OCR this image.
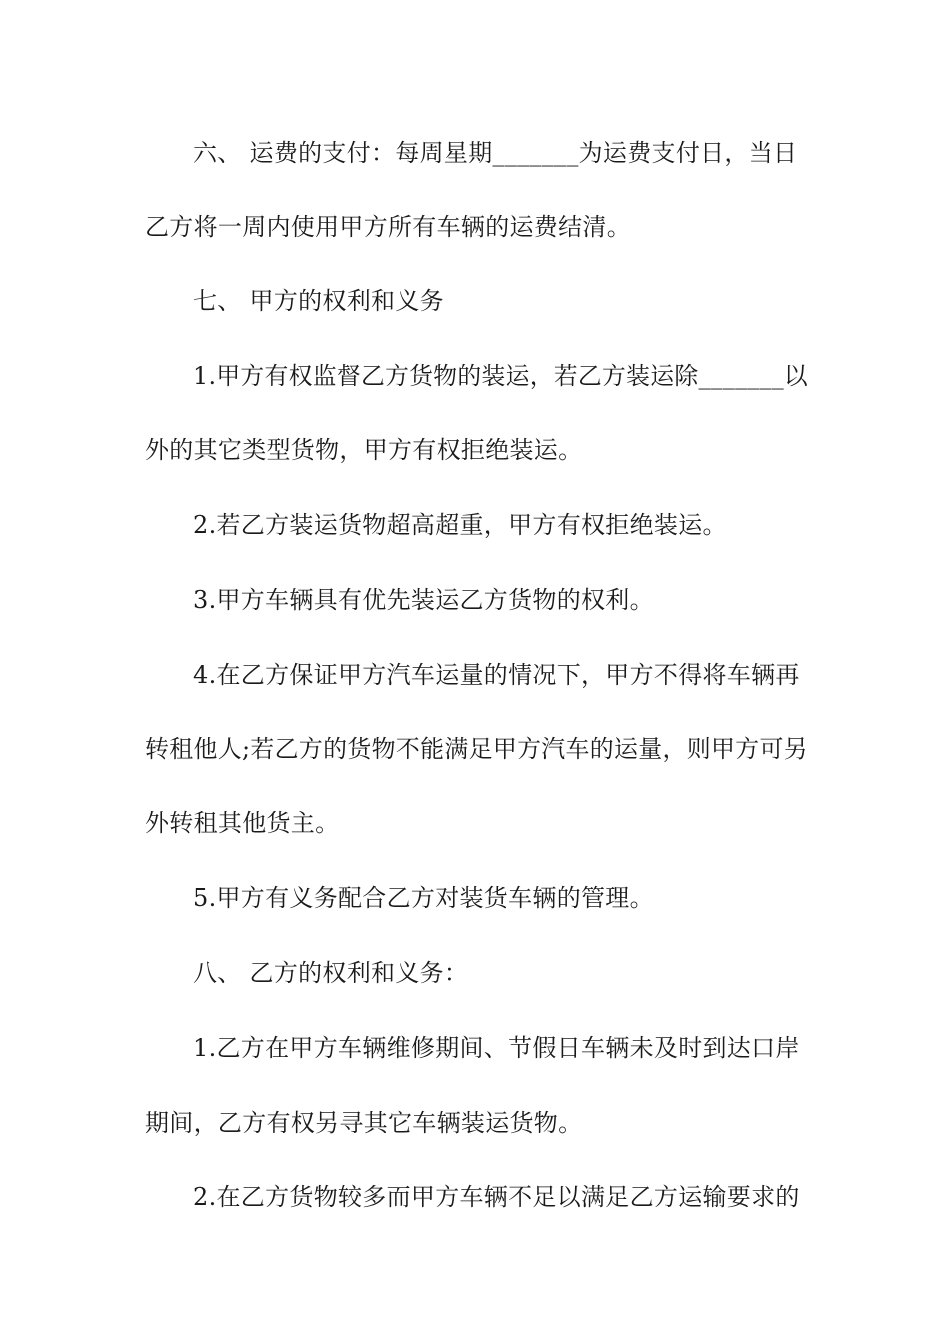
六、 运费的支付：每周星期_______为运费支付日，当日
乙方将一周内使用甲方所有车辆的运费结清。
七、 甲方的权利和义务
1.甲方有权监督乙方货物的装运，若乙方装运除_______以
外的其它类型货物，甲方有权拒绝装运。
2.若乙方装运货物超高超重，甲方有权拒绝装运。
3.甲方车辆具有优先装运乙方货物的权利。
4.在乙方保证甲方汽车运量的情况下，甲方不得将车辆再
转租他人;若乙方的货物不能满足甲方汽车的运量，则甲方可另
外转租其他货主。
5.甲方有义务配合乙方对装货车辆的管理。
八、 乙方的权利和义务：
1.乙方在甲方车辆维修期间、节假日车辆未及时到达口岸
期间，乙方有权另寻其它车辆装运货物。
2.在乙方货物较多而甲方车辆不足以满足乙方运输要求的
